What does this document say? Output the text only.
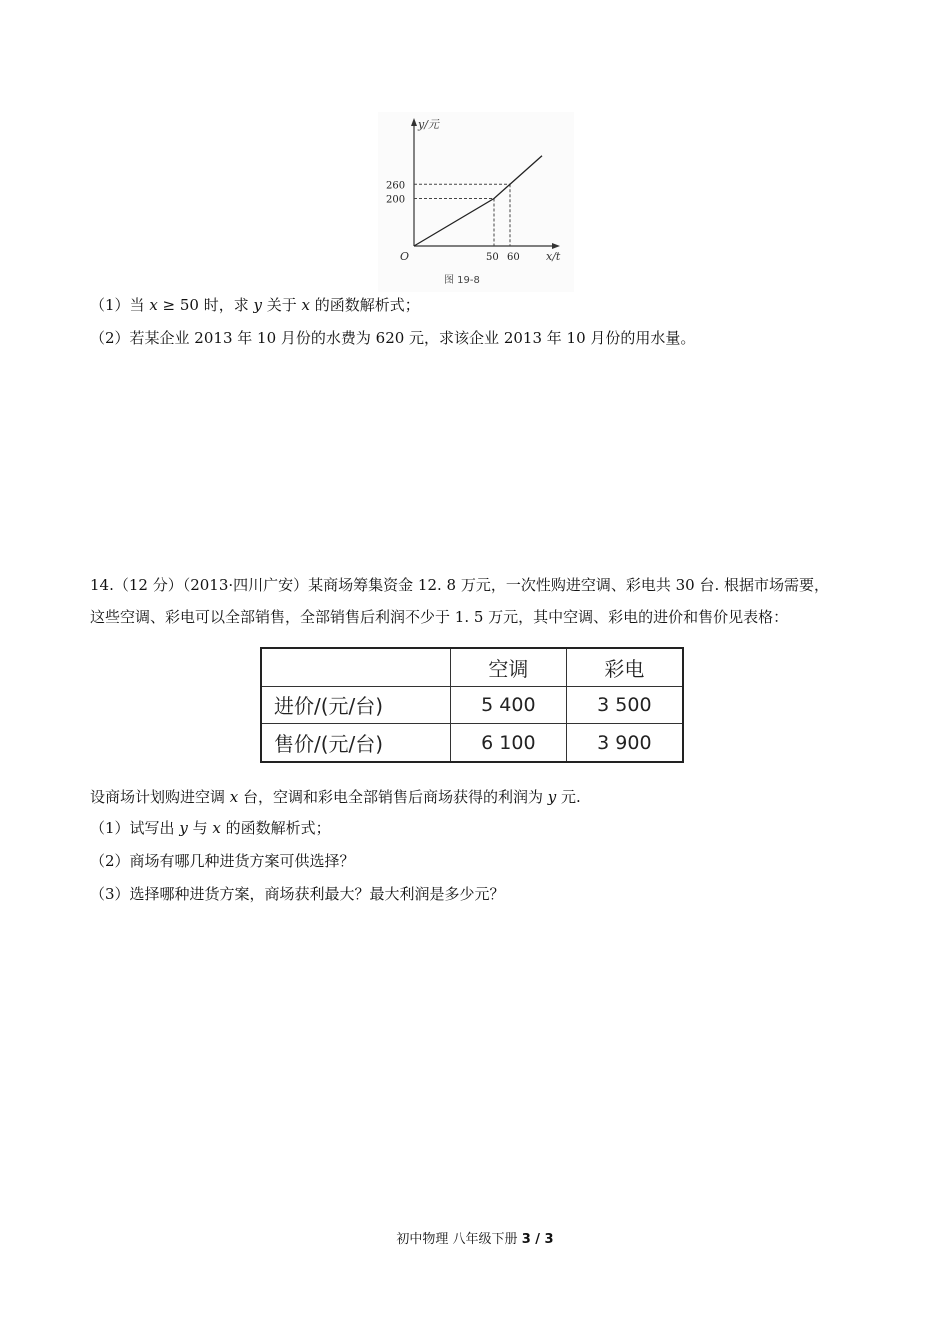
200
260
50 60
y/元
x/t
O
图 19-8
（1）当 x ≥ 50 时，求 y 关于 x 的函数解析式；
（2）若某企业 2013 年 10 月份的水费为 620 元，求该企业 2013 年 10 月份的用水量。
14.（12 分）（2013·四川广安）某商场筹集资金 12. 8 万元，一次性购进空调、彩电共 30 台. 根据市场需要，
这些空调、彩电可以全部销售，全部销售后利润不少于 1. 5 万元，其中空调、彩电的进价和售价见表格：
	空调	彩电
进价/(元/台)	5 400	3 500
售价/(元/台)	6 100	3 900
设商场计划购进空调 x 台，空调和彩电全部销售后商场获得的利润为 y 元.
（1）试写出 y 与 x 的函数解析式；
（2）商场有哪几种进货方案可供选择？
（3）选择哪种进货方案，商场获利最大？最大利润是多少元？
初中物理 八年级下册 3 / 3
